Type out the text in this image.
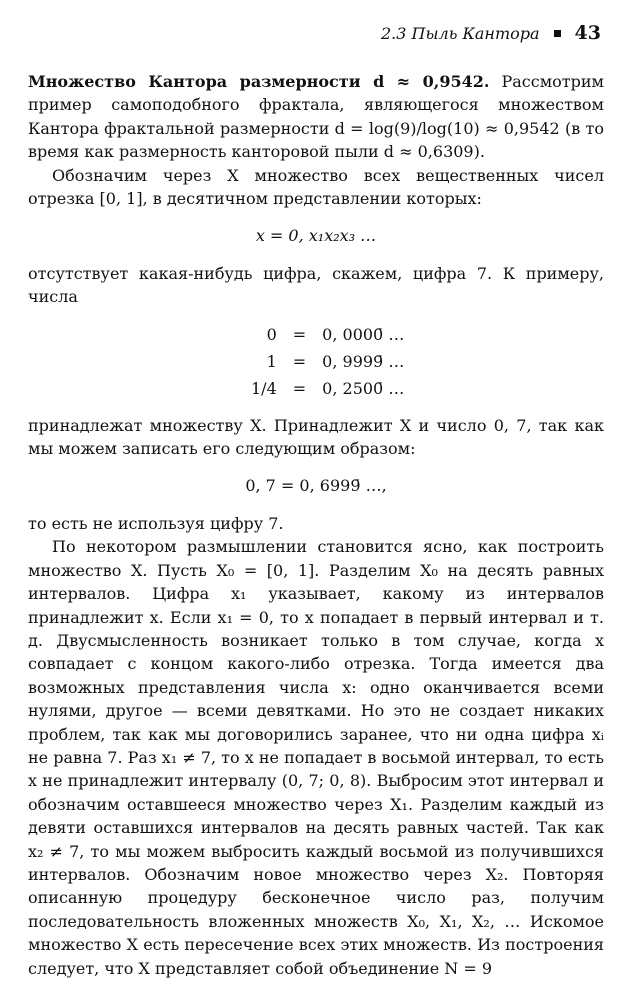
2.3 Пыль Кантора 43

Множество Кантора размерности d ≈ 0,9542. Рассмотрим пример самоподобного фрактала, являющегося множеством Кантора фрактальной размерности d = log(9)/log(10) ≈ 0,9542 (в то время как размерность канторовой пыли d ≈ 0,6309).

Обозначим через X множество всех вещественных чисел отрезка [0, 1], в десятичном представлении которых:

x = 0, x₁x₂x₃ …

отсутствует какая-нибудь цифра, скажем, цифра 7. К примеру, числа

0	=	0, 0000̄ …
1	=	0, 9999̄ …
1/4	=	0, 2500̄ …

принадлежат множеству X. Принадлежит X и число 0, 7, так как мы можем записать его следующим образом:

0, 7 = 0, 6999̄ …,

то есть не используя цифру 7.

По некотором размышлении становится ясно, как построить множество X. Пусть X₀ = [0, 1]. Разделим X₀ на десять равных интервалов. Цифра x₁ указывает, какому из интервалов принадлежит x. Если x₁ = 0, то x попадает в первый интервал и т. д. Двусмысленность возникает только в том случае, когда x совпадает с концом какого-либо отрезка. Тогда имеется два возможных представления числа x: одно оканчивается всеми нулями, другое — всеми девятками. Но это не создает никаких проблем, так как мы договорились заранее, что ни одна цифра xᵢ не равна 7. Раз x₁ ≠ 7, то x не попадает в восьмой интервал, то есть x не принадлежит интервалу (0, 7; 0, 8). Выбросим этот интервал и обозначим оставшееся множество через X₁. Разделим каждый из девяти оставшихся интервалов на десять равных частей. Так как x₂ ≠ 7, то мы можем выбросить каждый восьмой из получившихся интервалов. Обозначим новое множество через X₂. Повторяя описанную процедуру бесконечное число раз, получим последовательность вложенных множеств X₀, X₁, X₂, … Искомое множество X есть пересечение всех этих множеств. Из построения следует, что X представляет собой объединение N = 9
